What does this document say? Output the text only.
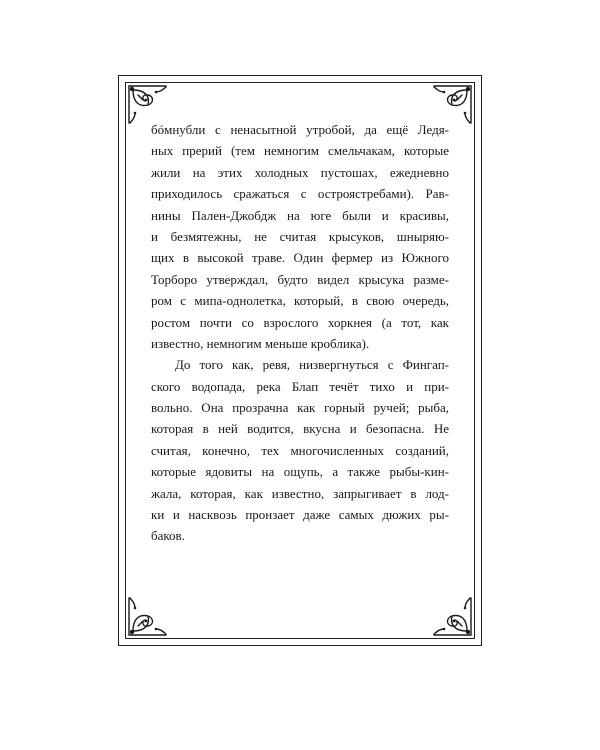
бóмнубли с ненасытной утробой, да ещё Ледя-
ных прерий (тем немногим смельчакам, которые
жили на этих холодных пустошах, ежедневно
приходилось сражаться с острояcтребами). Рав-
нины Пален-Джобдж на юге были и красивы,
и безмятежны, не считая крысуков, шныряю-
щих в высокой траве. Один фермер из Южного
Торборо утверждал, будто видел крысука разме-
ром с мипа-однолетка, который, в свою очередь,
ростом почти со взрослого хоркнея (а тот, как
известно, немногим меньше кроблика).

До того как, ревя, низвергнуться с Фингап-
ского водопада, река Блап течёт тихо и при-
вольно. Она прозрачна как горный ручей; рыба,
которая в ней водится, вкусна и безопасна. Не
считая, конечно, тех многочисленных созданий,
которые ядовиты на ощупь, а также рыбы-кин-
жала, которая, как известно, запрыгивает в лод-
ки и насквозь пронзает даже самых дюжих ры-
баков.
